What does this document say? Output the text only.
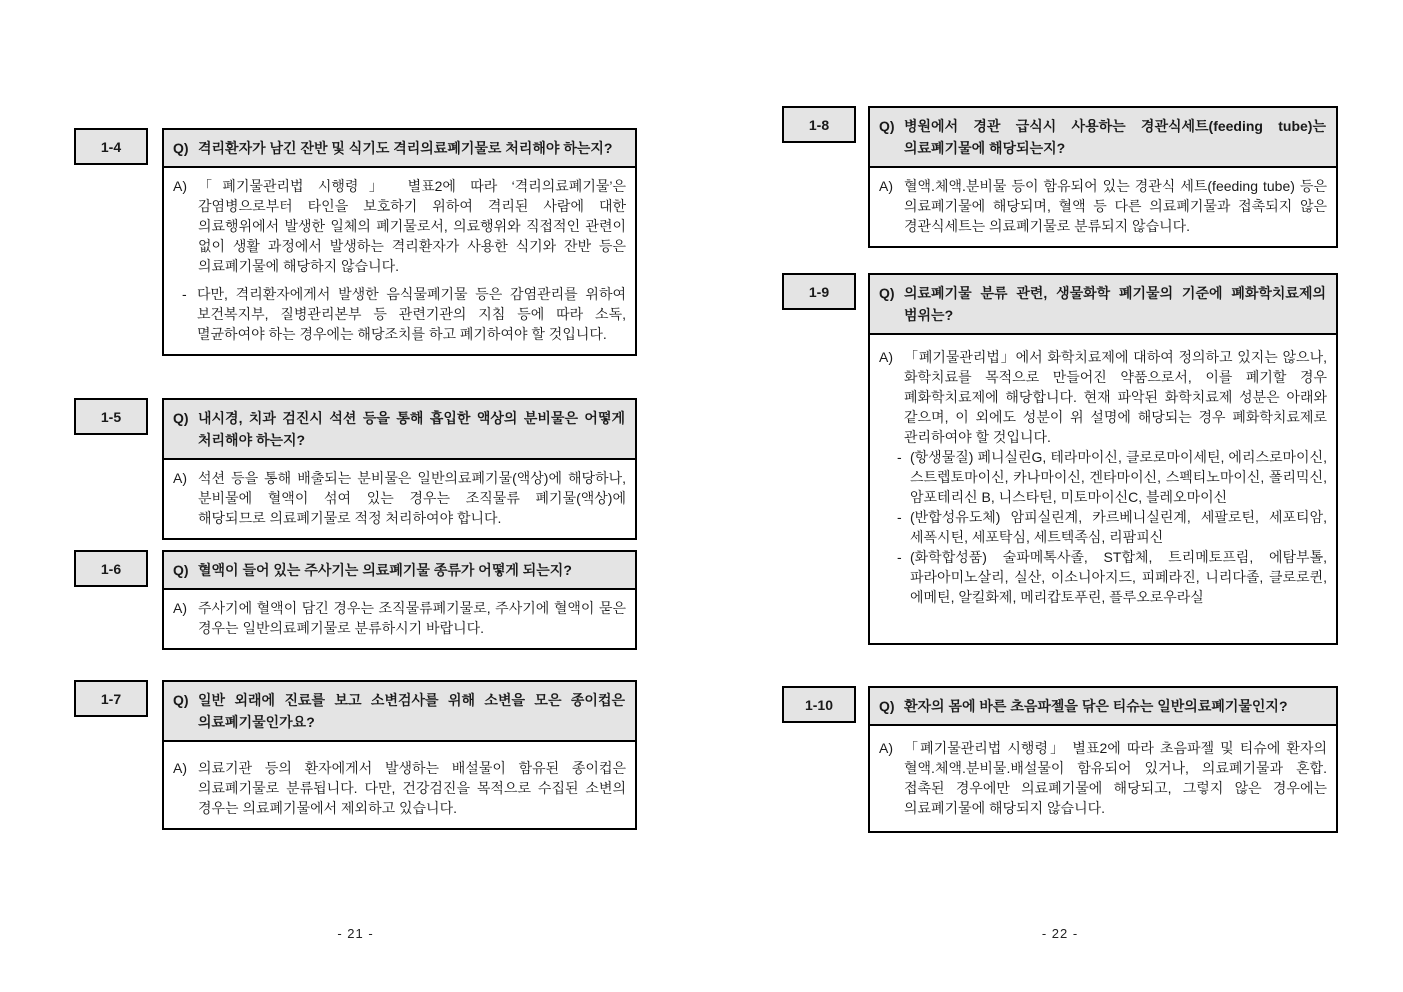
1-4	Q) 격리환자가 남긴 잔반 및 식기도 격리의료폐기물로 처리해야 하는지?

A) 「폐기물관리법 시행령」 별표2에 따라 ‘격리의료폐기물’은 감염병으로부터 타인을 보호하기 위하여 격리된 사람에 대한 의료행위에서 발생한 일체의 폐기물로서, 의료행위와 직접적인 관련이 없이 생활 과정에서 발생하는 격리환자가 사용한 식기와 잔반 등은 의료폐기물에 해당하지 않습니다.

- 다만, 격리환자에게서 발생한 음식물폐기물 등은 감염관리를 위하여 보건복지부, 질병관리본부 등 관련기관의 지침 등에 따라 소독, 멸균하여야 하는 경우에는 해당조치를 하고 폐기하여야 할 것입니다.

1-5	Q) 내시경, 치과 검진시 석션 등을 통해 흡입한 액상의 분비물은 어떻게 처리해야 하는지?

A) 석션 등을 통해 배출되는 분비물은 일반의료폐기물(액상)에 해당하나, 분비물에 혈액이 섞여 있는 경우는 조직물류 폐기물(액상)에 해당되므로 의료폐기물로 적정 처리하여야 합니다.

1-6	Q) 혈액이 들어 있는 주사기는 의료폐기물 종류가 어떻게 되는지?

A) 주사기에 혈액이 담긴 경우는 조직물류폐기물로, 주사기에 혈액이 묻은 경우는 일반의료폐기물로 분류하시기 바랍니다.

1-7	Q) 일반 외래에 진료를 보고 소변검사를 위해 소변을 모은 종이컵은 의료폐기물인가요?

A) 의료기관 등의 환자에게서 발생하는 배설물이 함유된 종이컵은 의료폐기물로 분류됩니다. 다만, 건강검진을 목적으로 수집된 소변의 경우는 의료폐기물에서 제외하고 있습니다.

- 21 -
1-8	Q) 병원에서 경관 급식시 사용하는 경관식세트(feeding tube)는 의료폐기물에 해당되는지?

A) 혈액.체액.분비물 등이 함유되어 있는 경관식 세트(feeding tube) 등은 의료폐기물에 해당되며, 혈액 등 다른 의료폐기물과 접촉되지 않은 경관식세트는 의료폐기물로 분류되지 않습니다.

1-9	Q) 의료폐기물 분류 관련, 생물화학 폐기물의 기준에 폐화학치료제의 범위는?

A) 「폐기물관리법」에서 화학치료제에 대하여 정의하고 있지는 않으나, 화학치료를 목적으로 만들어진 약품으로서, 이를 폐기할 경우 폐화학치료제에 해당합니다. 현재 파악된 화학치료제 성분은 아래와 같으며, 이 외에도 성분이 위 설명에 해당되는 경우 폐화학치료제로 관리하여야 할 것입니다.

- (항생물질) 페니실린G, 테라마이신, 클로로마이세틴, 에리스로마이신, 스트렙토마이신, 카나마이신, 겐타마이신, 스펙티노마이신, 폴리믹신, 암포테리신 B, 니스타틴, 미토마이신C, 블레오마이신

- (반합성유도체) 암피실린계, 카르베니실린계, 세팔로틴, 세포티암, 세폭시틴, 세포탁심, 세트텍족심, 리팜피신

- (화학합성품) 술파메톡사졸, ST합체, 트리메토프림, 에탐부톨, 파라아미노살리, 실산, 이소니아지드, 피페라진, 니리다졸, 클로로퀸, 에메틴, 알킬화제, 메리캅토푸린, 플루오로우라실

1-10	Q) 환자의 몸에 바른 초음파젤을 닦은 티슈는 일반의료폐기물인지?

A) 「폐기물관리법 시행령」 별표2에 따라 초음파젤 및 티슈에 환자의 혈액.체액.분비물.배설물이 함유되어 있거나, 의료폐기물과 혼합.접촉된 경우에만 의료폐기물에 해당되고, 그렇지 않은 경우에는 의료폐기물에 해당되지 않습니다.

- 22 -
